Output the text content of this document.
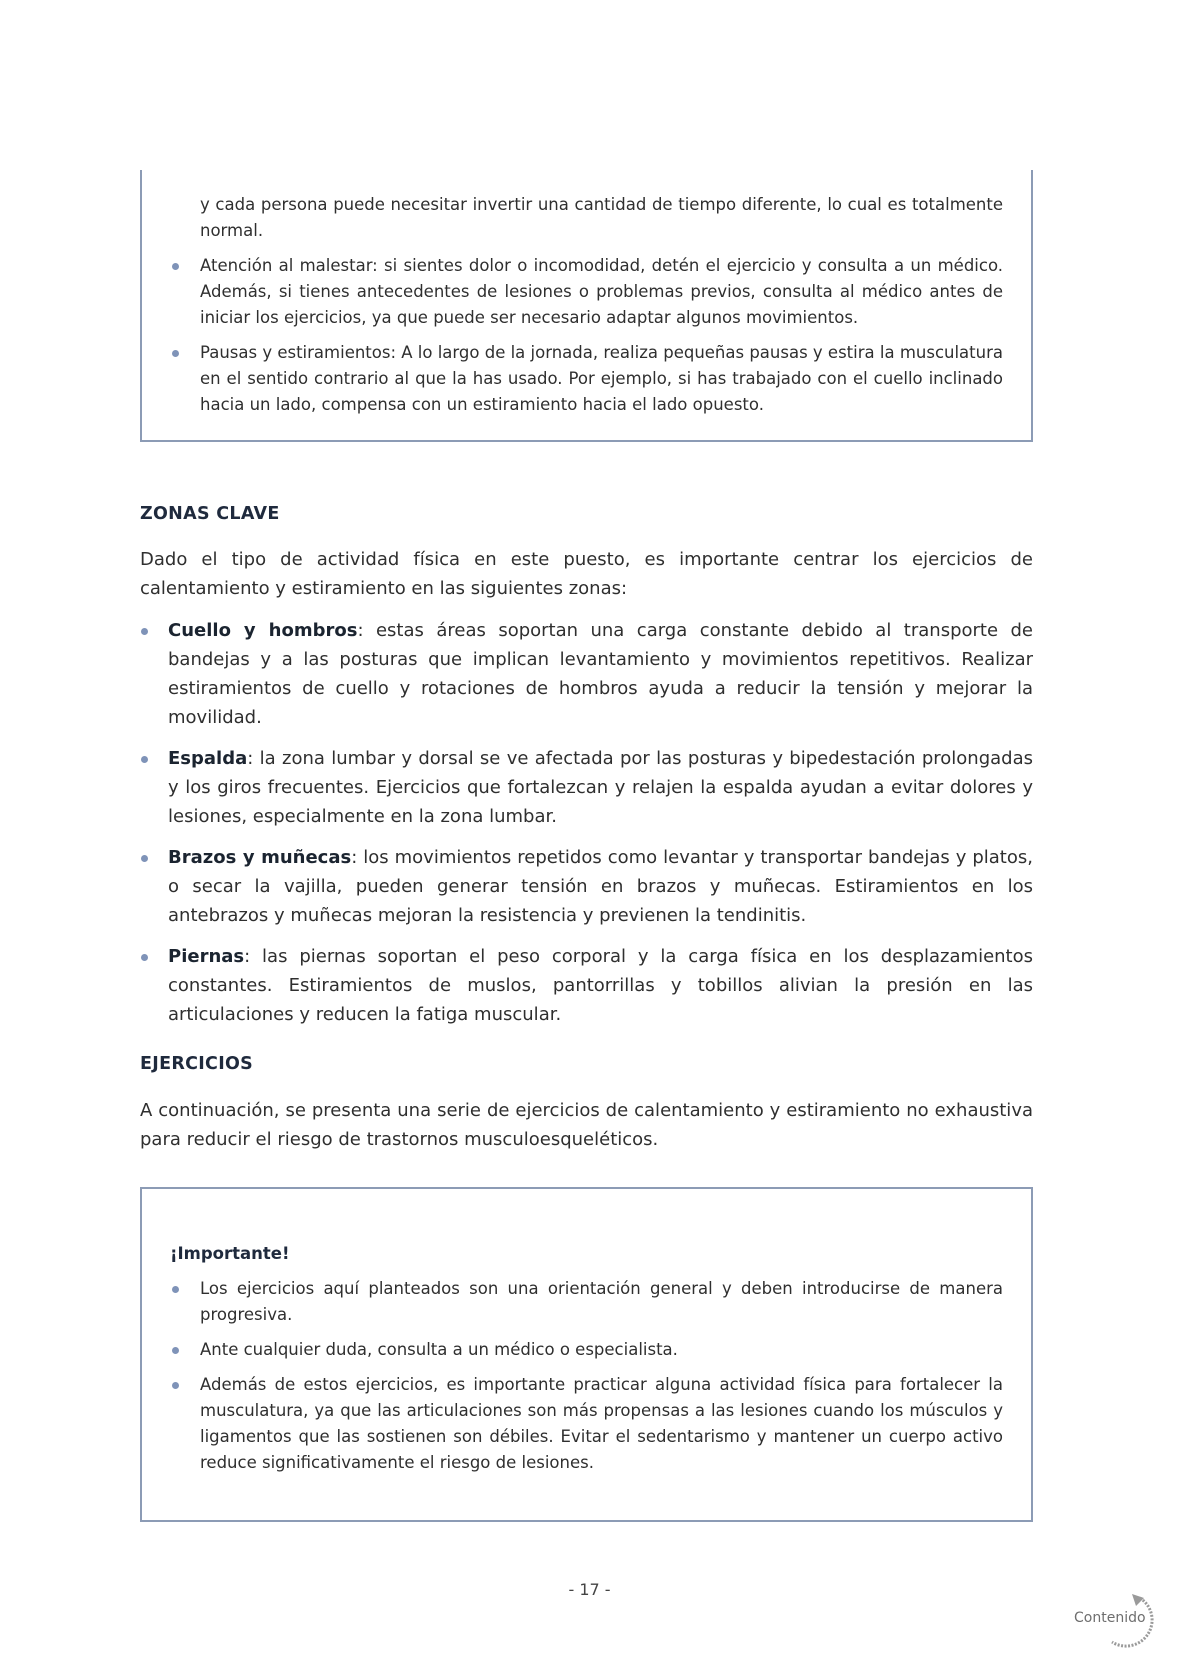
y cada persona puede necesitar invertir una cantidad de tiempo diferente, lo cual es totalmente normal.

Atención al malestar: si sientes dolor o incomodidad, detén el ejercicio y consulta a un médico. Además, si tienes antecedentes de lesiones o problemas previos, consulta al médico antes de iniciar los ejercicios, ya que puede ser necesario adaptar algunos movimientos.
Pausas y estiramientos: A lo largo de la jornada, realiza pequeñas pausas y estira la musculatura en el sentido contrario al que la has usado. Por ejemplo, si has trabajado con el cuello inclinado hacia un lado, compensa con un estiramiento hacia el lado opuesto.
ZONAS CLAVE

Dado el tipo de actividad física en este puesto, es importante centrar los ejercicios de calentamiento y estiramiento en las siguientes zonas:

Cuello y hombros: estas áreas soportan una carga constante debido al transporte de bandejas y a las posturas que implican levantamiento y movimientos repetitivos. Realizar estiramientos de cuello y rotaciones de hombros ayuda a reducir la tensión y mejorar la movilidad.
Espalda: la zona lumbar y dorsal se ve afectada por las posturas y bipedestación prolongadas y los giros frecuentes. Ejercicios que fortalezcan y relajen la espalda ayudan a evitar dolores y lesiones, especialmente en la zona lumbar.
Brazos y muñecas: los movimientos repetidos como levantar y transportar bandejas y platos, o secar la vajilla, pueden generar tensión en brazos y muñecas. Estiramientos en los antebrazos y muñecas mejoran la resistencia y previenen la tendinitis.
Piernas: las piernas soportan el peso corporal y la carga física en los desplazamientos constantes. Estiramientos de muslos, pantorrillas y tobillos alivian la presión en las articulaciones y reducen la fatiga muscular.
EJERCICIOS

A continuación, se presenta una serie de ejercicios de calentamiento y estiramiento no exhaustiva para reducir el riesgo de trastornos musculoesqueléticos.

¡Importante!

Los ejercicios aquí planteados son una orientación general y deben introducirse de manera progresiva.
Ante cualquier duda, consulta a un médico o especialista.
Además de estos ejercicios, es importante practicar alguna actividad física para fortalecer la musculatura, ya que las articulaciones son más propensas a las lesiones cuando los músculos y ligamentos que las sostienen son débiles. Evitar el sedentarismo y mantener un cuerpo activo reduce significativamente el riesgo de lesiones.
- 17 -
Contenido
